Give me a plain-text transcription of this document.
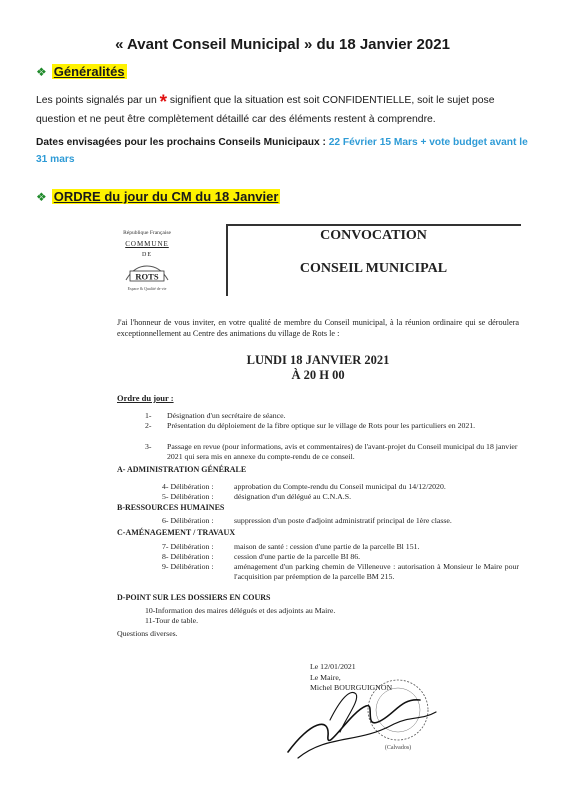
« Avant Conseil Municipal » du 18 Janvier 2021
❖ Généralités
Les points signalés par un * signifient que la situation est soit CONFIDENTIELLE, soit le sujet pose question et ne peut être complètement détaillé car des éléments restent à comprendre.
Dates envisagées pour les prochains Conseils Municipaux : 22 Février 15 Mars + vote budget avant le 31 mars
❖ ORDRE du jour du CM du 18 Janvier
République Française
COMMUNE
DE
ROTS
Espace & Qualité de vie
CONVOCATION
CONSEIL MUNICIPAL
J'ai l'honneur de vous inviter, en votre qualité de membre du Conseil municipal, à la réunion ordinaire qui se déroulera exceptionnellement au Centre des animations du village de Rots le :
LUNDI 18 JANVIER 2021
À 20 H 00
Ordre du jour :
1- Désignation d'un secrétaire de séance.
2- Présentation du déploiement de la fibre optique sur le village de Rots pour les particuliers en 2021.
3- Passage en revue (pour informations, avis et commentaires) de l'avant-projet du Conseil municipal du 18 janvier 2021 qui sera mis en annexe du compte-rendu de ce conseil.
A- ADMINISTRATION GÉNÉRALE
4- Délibération :	approbation du Compte-rendu du Conseil municipal du 14/12/2020.
5- Délibération :	désignation d'un délégué au C.N.A.S.
B-RESSOURCES HUMAINES
6- Délibération :	suppression d'un poste d'adjoint administratif principal de 1ère classe.
C-AMÉNAGEMENT / TRAVAUX
7- Délibération :	maison de santé : cession d'une partie de la parcelle Bl 151.
8- Délibération :	cession d'une partie de la parcelle BI 86.
9- Délibération :	aménagement d'un parking chemin de Villeneuve : autorisation à Monsieur le Maire pour l'acquisition par préemption de la parcelle BM 215.
D-POINT SUR LES DOSSIERS EN COURS
10-Information des maires délégués et des adjoints au Maire.
11-Tour de table.
Questions diverses.
(Calvados)
Le 12/01/2021
Le Maire,
Michel BOURGUIGNON
